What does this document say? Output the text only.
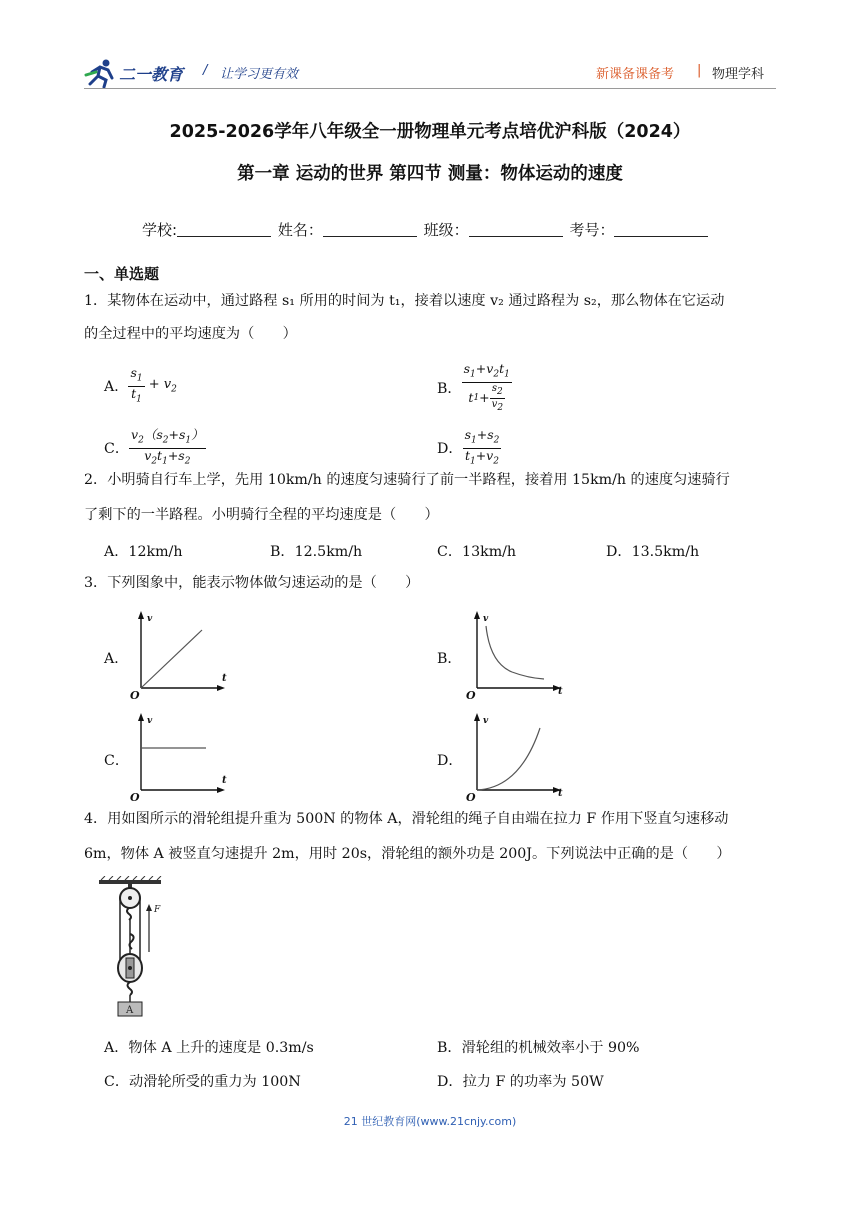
二一教育 / 让学习更有效	新课备课备考 | 物理学科
2025-2026学年八年级全一册物理单元考点培优沪科版（2024）
第一章 运动的世界 第四节 测量：物体运动的速度
学校:	姓名：	班级：	考号：
一、单选题
1．某物体在运动中，通过路程 s₁ 所用的时间为 t₁，接着以速度 v₂ 通过路程为 s₂，那么物体在它运动
的全过程中的平均速度为（　　）
A． $\frac{s_1}{t_1} + v_2$	B． $\frac{s_1+v_2t_1}{t 1 + \frac{s_2}{v_2}}$
C． $\frac{v_2(s_2+s_1)}{v_2t_1+s_2}$	D． $\frac{s_1+s_2}{t_1+v_2}$
2．小明骑自行车上学，先用 10km/h 的速度匀速骑行了前一半路程，接着用 15km/h 的速度匀速骑行
了剩下的一半路程。小明骑行全程的平均速度是（　　）
A．12km/h	B．12.5km/h	C．13km/h	D．13.5km/h
3．下列图象中，能表示物体做匀速运动的是（　　）
A．
v
t
O
B．
v
t
O
C．
v
t
O
D．
v
t
O
4．用如图所示的滑轮组提升重为 500N 的物体 A，滑轮组的绳子自由端在拉力 F 作用下竖直匀速移动
6m，物体 A 被竖直匀速提升 2m，用时 20s，滑轮组的额外功是 200J。下列说法中正确的是（　　）
F
A
A．物体 A 上升的速度是 0.3m/s	B．滑轮组的机械效率小于 90%
C．动滑轮所受的重力为 100N	D．拉力 F 的功率为 50W
21 世纪教育网(www.21cnjy.com)
